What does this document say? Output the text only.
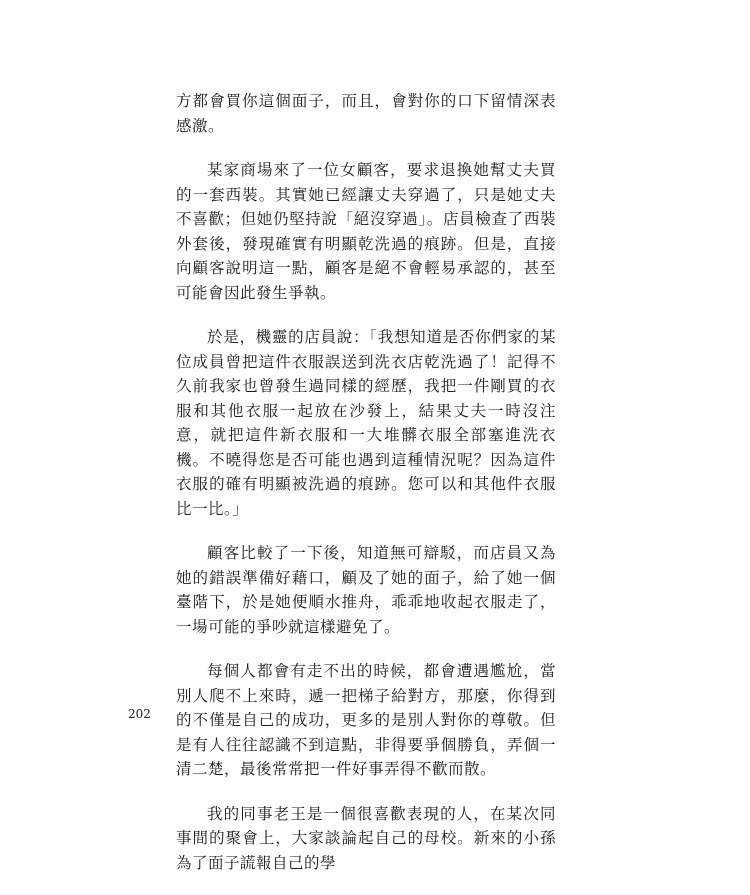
方都會買你這個面子，而且，會對你的口下留情深表感激。

某家商場來了一位女顧客，要求退換她幫丈夫買的一套西裝。其實她已經讓丈夫穿過了，只是她丈夫不喜歡；但她仍堅持說「絕沒穿過」。店員檢查了西裝外套後，發現確實有明顯乾洗過的痕跡。但是，直接向顧客說明這一點，顧客是絕不會輕易承認的，甚至可能會因此發生爭執。

於是，機靈的店員說：「我想知道是否你們家的某位成員曾把這件衣服誤送到洗衣店乾洗過了！記得不久前我家也曾發生過同樣的經歷，我把一件剛買的衣服和其他衣服一起放在沙發上，結果丈夫一時沒注意，就把這件新衣服和一大堆髒衣服全部塞進洗衣機。不曉得您是否可能也遇到這種情況呢？因為這件衣服的確有明顯被洗過的痕跡。您可以和其他件衣服比一比。」

顧客比較了一下後，知道無可辯駁，而店員又為她的錯誤準備好藉口，顧及了她的面子，給了她一個臺階下，於是她便順水推舟，乖乖地收起衣服走了，一場可能的爭吵就這樣避免了。

每個人都會有走不出的時候，都會遭遇尷尬，當別人爬不上來時，遞一把梯子給對方，那麼，你得到的不僅是自己的成功，更多的是別人對你的尊敬。但是有人往往認識不到這點，非得要爭個勝負，弄個一清二楚，最後常常把一件好事弄得不歡而散。

我的同事老王是一個很喜歡表現的人，在某次同事間的聚會上，大家談論起自己的母校。新來的小孫為了面子謊報自己的學

202
